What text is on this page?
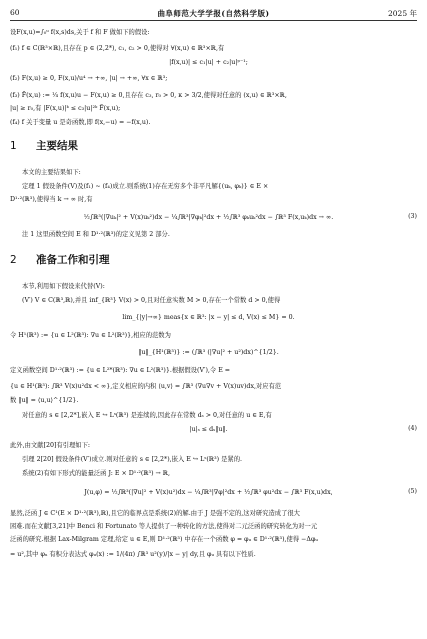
60	曲阜师范大学学报(自然科学版)	2025 年
设F(x,u)=∫₀ᵘ f(x,s)ds,关于 f 和 F 做如下的假设:
(f₁) f ∈ C(ℝ³×ℝ),且存在 p ∈ (2,2*), c₁, c₂ > 0,使得对 ∀(x,u) ∈ ℝ³×ℝ,有
|f(x,u)| ≤ c₁|u| + c₂|u|ᵖ⁻¹;
(f₂) F(x,u) ≥ 0, F(x,u)/u⁴ → +∞, |u| → +∞, ∀x ∈ ℝ³;
(f₃) F̃(x,u) := ¼ f(x,u)u − F(x,u) ≥ 0,且存在 c₃, r₀ > 0, κ > 3/2,使得对任意的 (x,u) ∈ ℝ³×ℝ,
|u| ≥ r₀,有 |F(x,u)|ᵏ ≤ c₃|u|²ᵏ F̃(x,u);
(f₄) f 关于变量 u 是奇函数,即 f(x,−u) = −f(x,u).
1 主要结果
本文的主要结果如下:
定理 1 假设条件(V)及(f₁) ~ (f₄)成立.则系统(1)存在无穷多个非平凡解{(uₖ, φₖ)} ∈ E ×
D¹·²(ℝ³),使得当 k → ∞ 时,有
½∫ℝ³(|∇uₖ|² + V(x)uₖ²)dx − ¼∫ℝ³|∇φₖ|²dx + ½∫ℝ³ φₖuₖ²dx − ∫ℝ³ F(x,uₖ)dx → ∞.	(3)
注 1 这里函数空间 E 和 D¹·²(ℝ³)的定义见第 2 部分.
2 准备工作和引理
本节,利用如下假设来代替(V):
(V′) V ∈ C(ℝ³,ℝ),并且 inf_{ℝ³} V(x) > 0,且对任意实数 M > 0,存在一个常数 d > 0,使得
lim_{|y|→∞} meas{x ∈ ℝ³: |x − y| ≤ d, V(x) ≤ M} = 0.
令 H¹(ℝ³) := {u ∈ L²(ℝ³): ∇u ∈ L²(ℝ³)},相应的范数为
‖u‖_{H¹(ℝ³)} := (∫ℝ³ (|∇u|² + u²)dx)^{1/2}.
定义函数空间 D¹·²(ℝ³) := {u ∈ L²*(ℝ³): ∇u ∈ L²(ℝ³)}.根据假设(V′),令 E =
{u ∈ H¹(ℝ³): ∫ℝ³ V(x)u²dx < ∞},定义相应的内积 ⟨u,v⟩ = ∫ℝ³ (∇u∇v + V(x)uv)dx,对应有范
数 ‖u‖ = ⟨u,u⟩^{1/2}.
对任意的 s ∈ [2,2*],嵌入 E ↪ Lˢ(ℝ³) 是连续的,因此存在常数 dₛ > 0,对任意的 u ∈ E,有
|u|ₛ ≤ dₛ‖u‖.	(4)
此外,由文献[20]有引理如下:
引理 2[20] 假设条件(V′)成立.则对任意的 s ∈ [2,2*),嵌入 E ↪ Lˢ(ℝ³) 是紧的.
系统(2)有如下形式的能量泛函 J: E × D¹·²(ℝ³) → ℝ,
J(u,φ) = ½∫ℝ³(|∇u|² + V(x)u²)dx − ¼∫ℝ³|∇φ|²dx + ½∫ℝ³ φu²dx − ∫ℝ³ F(x,u)dx,	(5)
显然,泛函 J ∈ C¹(E × D¹·²(ℝ³),ℝ),且它的临界点是系统(2)的解.由于 J 是强不定的,这对研究造成了很大
困难.而在文献[3,21]中 Benci 和 Fortunato 等人提供了一种转化的方法,使得对二元泛函的研究转化为对一元
泛函的研究.根据 Lax-Milgram 定理,给定 u ∈ E,则 D¹·²(ℝ³) 中存在一个函数 φ = φᵤ ∈ D¹·²(ℝ³),使得 −Δφᵤ
= u²,其中 φᵤ 有积分表达式 φᵤ(x) := 1/(4π) ∫ℝ³ u²(y)/|x − y| dy,且 φᵤ 具有以下性质.
